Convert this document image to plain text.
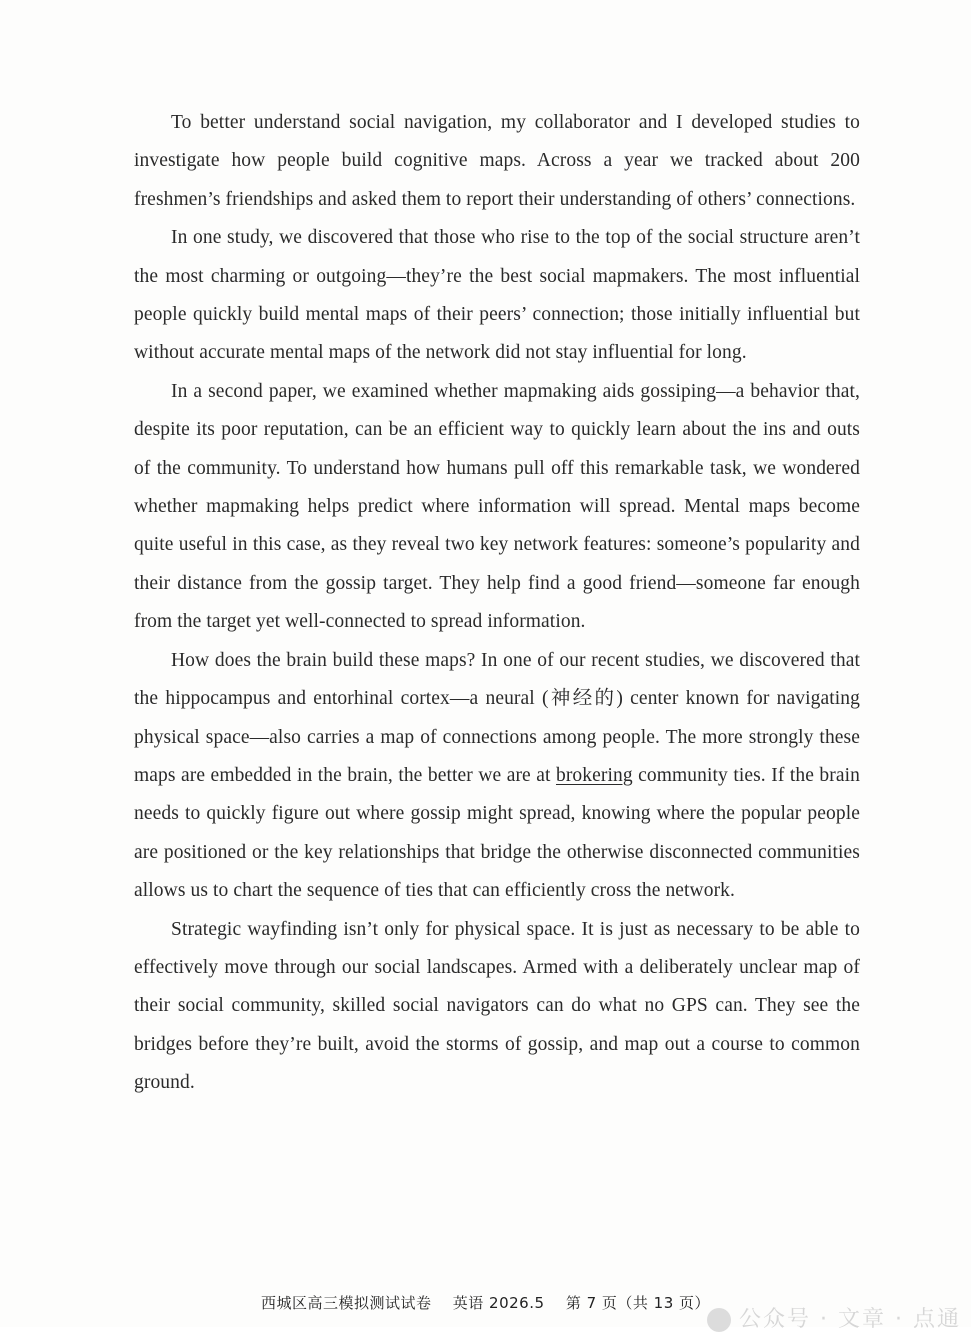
To better understand social navigation, my collaborator and I developed studies to investigate how people build cognitive maps. Across a year we tracked about 200 freshmen’s friendships and asked them to report their understanding of others’ connections.

In one study, we discovered that those who rise to the top of the social structure aren’t the most charming or outgoing—they’re the best social mapmakers. The most influential people quickly build mental maps of their peers’ connection; those initially influential but without accurate mental maps of the network did not stay influential for long.

In a second paper, we examined whether mapmaking aids gossiping—a behavior that, despite its poor reputation, can be an efficient way to quickly learn about the ins and outs of the community. To understand how humans pull off this remarkable task, we wondered whether mapmaking helps predict where information will spread. Mental maps become quite useful in this case, as they reveal two key network features: someone’s popularity and their distance from the gossip target. They help find a good friend—someone far enough from the target yet well-connected to spread information.

How does the brain build these maps? In one of our recent studies, we discovered that the hippocampus and entorhinal cortex—a neural (神经的) center known for navigating physical space—also carries a map of connections among people. The more strongly these maps are embedded in the brain, the better we are at brokering community ties. If the brain needs to quickly figure out where gossip might spread, knowing where the popular people are positioned or the key relationships that bridge the otherwise disconnected communities allows us to chart the sequence of ties that can efficiently cross the network.

Strategic wayfinding isn’t only for physical space. It is just as necessary to be able to effectively move through our social landscapes. Armed with a deliberately unclear map of their social community, skilled social navigators can do what no GPS can. They see the bridges before they’re built, avoid the storms of gossip, and map out a course to common ground.

西城区高三模拟测试试卷 英语 2026.5 第 7 页（共 13 页）
公众号 · 文章 · 点通
